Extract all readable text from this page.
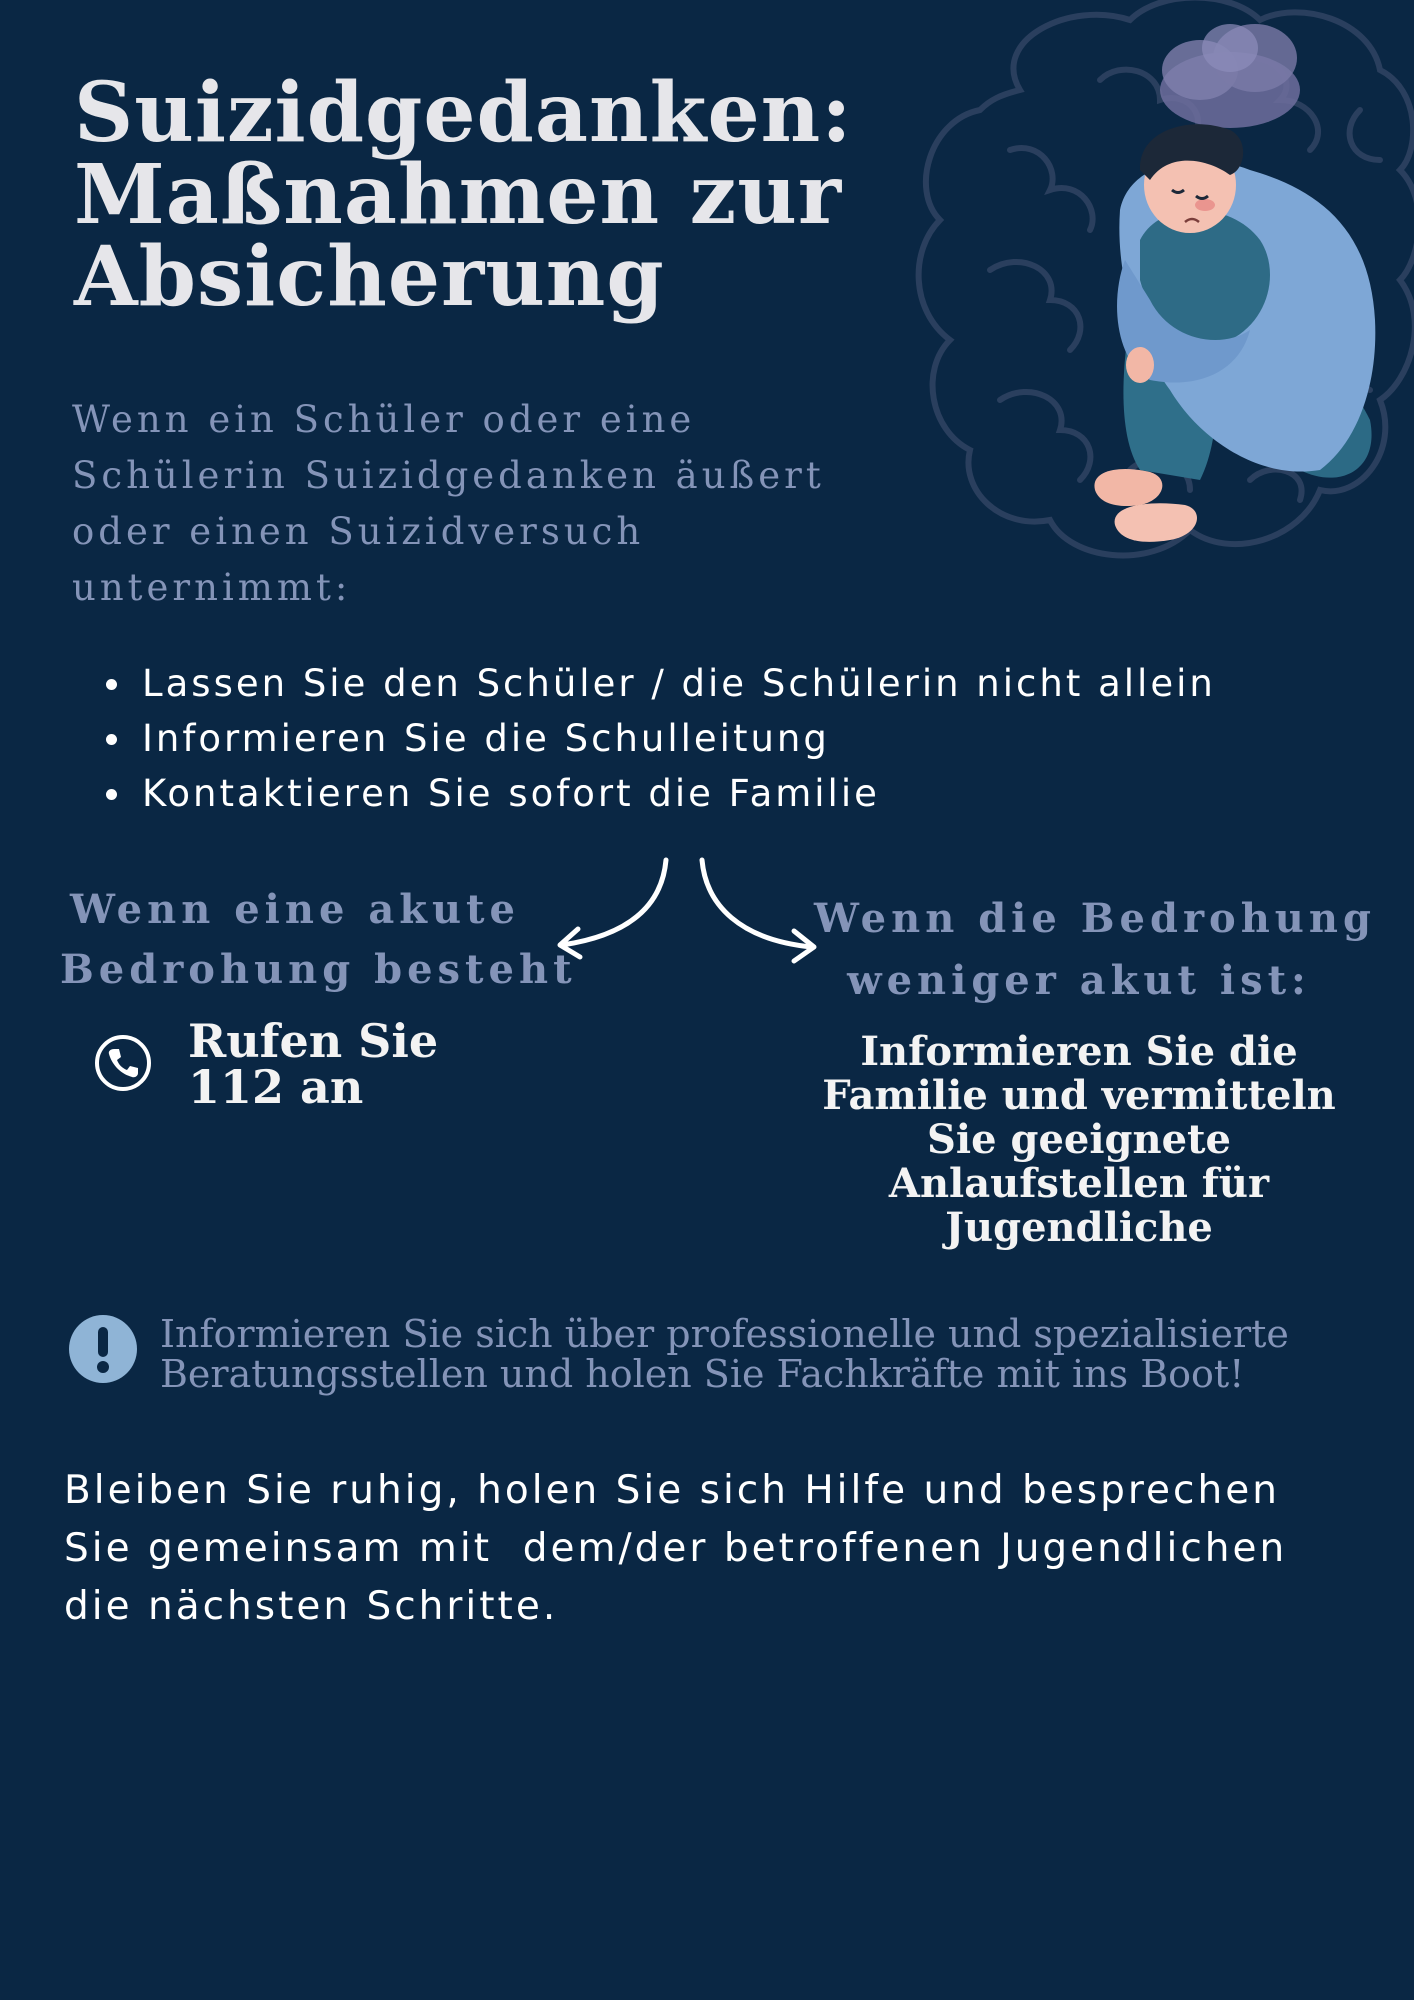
Suizidgedanken:
Maßnahmen zur
Absicherung

Wenn ein Schüler oder eine
Schülerin Suizidgedanken äußert
oder einen Suizidversuch
unternimmt:

Lassen Sie den Schüler / die Schülerin nicht allein
Informieren Sie die Schulleitung
Kontaktieren Sie sofort die Familie
Wenn eine akute
Bedrohung besteht

Rufen Sie
112 an

Wenn die Bedrohung
weniger akut ist:

Informieren Sie die
Familie und vermitteln
Sie geeignete
Anlaufstellen für
Jugendliche

Informieren Sie sich über professionelle und spezialisierte
Beratungsstellen und holen Sie Fachkräfte mit ins Boot!

Bleiben Sie ruhig, holen Sie sich Hilfe und besprechen
Sie gemeinsam mit  dem/der betroffenen Jugendlichen
die nächsten Schritte.
